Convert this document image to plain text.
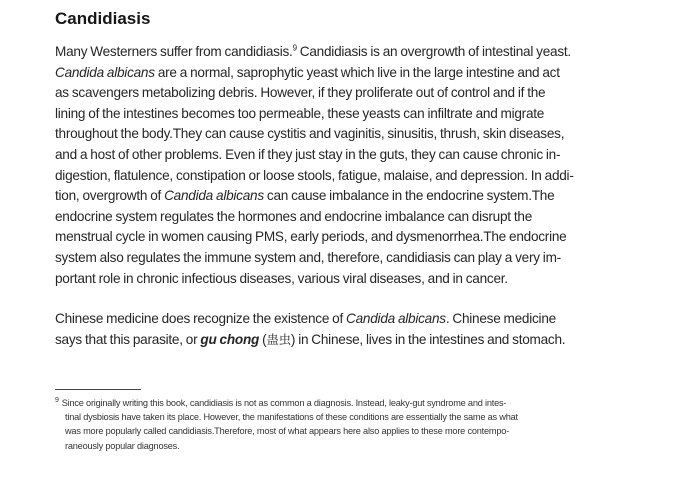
Candidiasis

Many Westerners suffer from candidiasis.$^9$ Candidiasis is an overgrowth of intestinal yeast.
Candida albicans are a normal, saprophytic yeast which live in the large intestine and act
as scavengers metabolizing debris. However, if they proliferate out of control and if the
lining of the intestines becomes too permeable, these yeasts can infiltrate and migrate
throughout the body.They can cause cystitis and vaginitis, sinusitis, thrush, skin diseases,
and a host of other problems. Even if they just stay in the guts, they can cause chronic in-
digestion, flatulence, constipation or loose stools, fatigue, malaise, and depression. In addi-
tion, overgrowth of Candida albicans can cause imbalance in the endocrine system.The
endocrine system regulates the hormones and endocrine imbalance can disrupt the
menstrual cycle in women causing PMS, early periods, and dysmenorrhea.The endocrine
system also regulates the immune system and, therefore, candidiasis can play a very im-
portant role in chronic infectious diseases, various viral diseases, and in cancer.

Chinese medicine does recognize the existence of Candida albicans. Chinese medicine
says that this parasite, or gu chong (蛊虫) in Chinese, lives in the intestines and stomach.

$^9$ Since originally writing this book, candidiasis is not as common a diagnosis. Instead, leaky-gut syndrome and intes-
tinal dysbiosis have taken its place. However, the manifestations of these conditions are essentially the same as what
was more popularly called candidiasis.Therefore, most of what appears here also applies to these more contempo-
raneously popular diagnoses.
